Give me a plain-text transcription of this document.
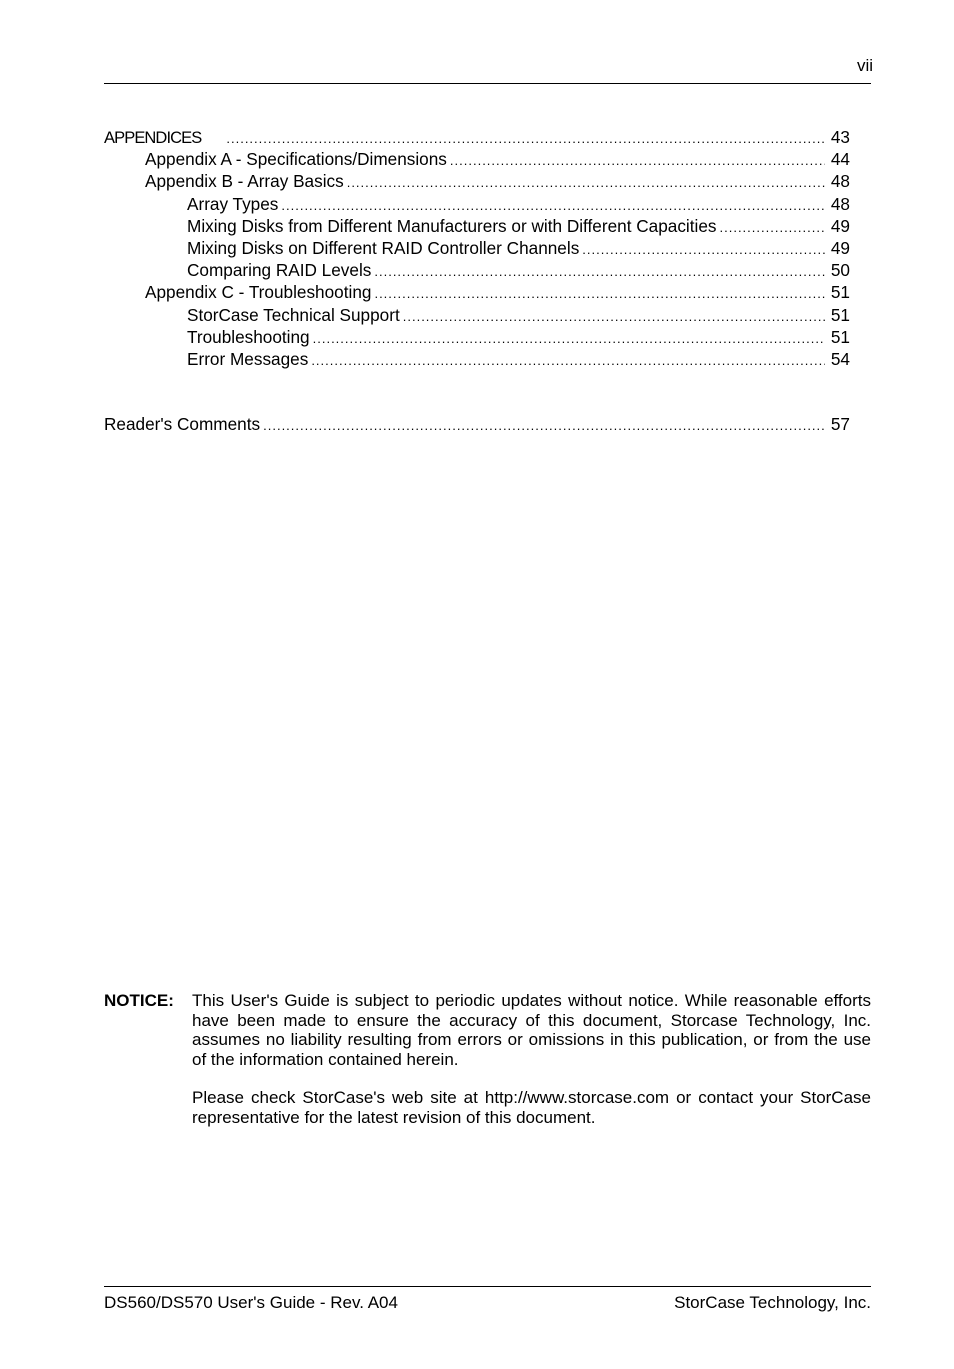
vii
APPENDICES .....	43
Appendix A - Specifications/Dimensions .....	44
Appendix B - Array Basics .....	48
Array Types .....	48
Mixing Disks from Different Manufacturers or with Different Capacities .....	49
Mixing Disks on Different RAID Controller Channels .....	49
Comparing RAID Levels .....	50
Appendix C - Troubleshooting .....	51
StorCase Technical Support .....	51
Troubleshooting .....	51
Error Messages .....	54
Reader's Comments .....	57
NOTICE: This User's Guide is subject to periodic updates without notice. While reasonable efforts have been made to ensure the accuracy of this document, Storcase Technology, Inc. assumes no liability resulting from errors or omissions in this publication, or from the use of the information contained herein.

Please check StorCase's web site at http://www.storcase.com or contact your StorCase representative for the latest revision of this document.

DS560/DS570 User's Guide - Rev. A04	StorCase Technology, Inc.
